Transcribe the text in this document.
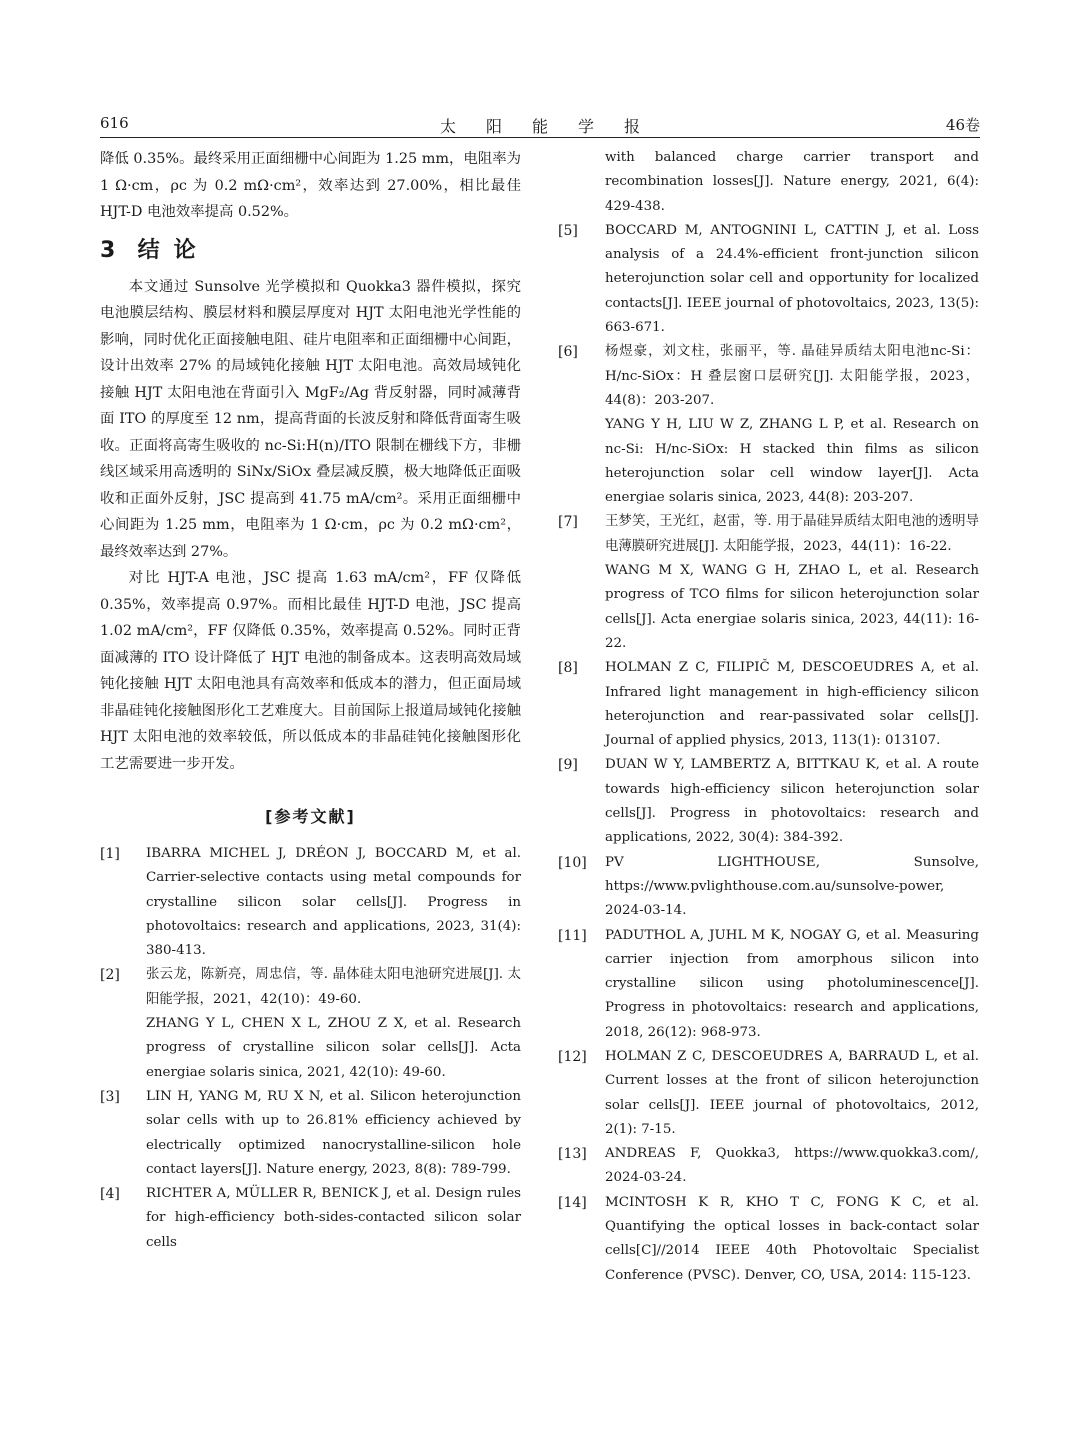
616	太阳能学报	46卷

降低 0.35%。最终采用正面细栅中心间距为 1.25 mm，电阻率为 1 Ω·cm，ρc 为 0.2 mΩ·cm²，效率达到 27.00%，相比最佳 HJT-D 电池效率提高 0.52%。

3 结论

本文通过 Sunsolve 光学模拟和 Quokka3 器件模拟，探究电池膜层结构、膜层材料和膜层厚度对 HJT 太阳电池光学性能的影响，同时优化正面接触电阻、硅片电阻率和正面细栅中心间距，设计出效率 27% 的局域钝化接触 HJT 太阳电池。高效局域钝化接触 HJT 太阳电池在背面引入 MgF₂/Ag 背反射器，同时减薄背面 ITO 的厚度至 12 nm，提高背面的长波反射和降低背面寄生吸收。正面将高寄生吸收的 nc-Si:H(n)/ITO 限制在栅线下方，非栅线区域采用高透明的 SiNx/SiOx 叠层减反膜，极大地降低正面吸收和正面外反射，JSC 提高到 41.75 mA/cm²。采用正面细栅中心间距为 1.25 mm，电阻率为 1 Ω·cm，ρc 为 0.2 mΩ·cm²，最终效率达到 27%。

对比 HJT-A 电池，JSC 提高 1.63 mA/cm²，FF 仅降低 0.35%，效率提高 0.97%。而相比最佳 HJT-D 电池，JSC 提高 1.02 mA/cm²，FF 仅降低 0.35%，效率提高 0.52%。同时正背面减薄的 ITO 设计降低了 HJT 电池的制备成本。这表明高效局域钝化接触 HJT 太阳电池具有高效率和低成本的潜力，但正面局域非晶硅钝化接触图形化工艺难度大。目前国际上报道局域钝化接触 HJT 太阳电池的效率较低，所以低成本的非晶硅钝化接触图形化工艺需要进一步开发。

[参考文献]
[1]	IBARRA MICHEL J, DRÉON J, BOCCARD M, et al. Carrier-selective contacts using metal compounds for crystalline silicon solar cells[J]. Progress in photovoltaics: research and applications, 2023, 31(4): 380-413.
[2]	张云龙，陈新亮，周忠信，等. 晶体硅太阳电池研究进展[J]. 太阳能学报，2021，42(10)：49-60.
ZHANG Y L, CHEN X L, ZHOU Z X, et al. Research progress of crystalline silicon solar cells[J]. Acta energiae solaris sinica, 2021, 42(10): 49-60.
[3]	LIN H, YANG M, RU X N, et al. Silicon heterojunction solar cells with up to 26.81% efficiency achieved by electrically optimized nanocrystalline-silicon hole contact layers[J]. Nature energy, 2023, 8(8): 789-799.
[4]	RICHTER A, MÜLLER R, BENICK J, et al. Design rules for high-efficiency both-sides-contacted silicon solar cells
with balanced charge carrier transport and recombination losses[J]. Nature energy, 2021, 6(4): 429-438.
[5]	BOCCARD M, ANTOGNINI L, CATTIN J, et al. Loss analysis of a 24.4%-efficient front-junction silicon heterojunction solar cell and opportunity for localized contacts[J]. IEEE journal of photovoltaics, 2023, 13(5): 663-671.
[6]	杨煜豪，刘文柱，张丽平，等. 晶硅异质结太阳电池nc-Si：H/nc-SiOx：H 叠层窗口层研究[J]. 太阳能学报，2023，44(8)：203-207.
YANG Y H, LIU W Z, ZHANG L P, et al. Research on nc-Si: H/nc-SiOx: H stacked thin films as silicon heterojunction solar cell window layer[J]. Acta energiae solaris sinica, 2023, 44(8): 203-207.
[7]	王梦笑，王光红，赵雷，等. 用于晶硅异质结太阳电池的透明导电薄膜研究进展[J]. 太阳能学报，2023，44(11)：16-22.
WANG M X, WANG G H, ZHAO L, et al. Research progress of TCO films for silicon heterojunction solar cells[J]. Acta energiae solaris sinica, 2023, 44(11): 16-22.
[8]	HOLMAN Z C, FILIPIČ M, DESCOEUDRES A, et al. Infrared light management in high-efficiency silicon heterojunction and rear-passivated solar cells[J]. Journal of applied physics, 2013, 113(1): 013107.
[9]	DUAN W Y, LAMBERTZ A, BITTKAU K, et al. A route towards high-efficiency silicon heterojunction solar cells[J]. Progress in photovoltaics: research and applications, 2022, 30(4): 384-392.
[10]	PV LIGHTHOUSE, Sunsolve, https://www.pvlighthouse.com.au/sunsolve-power, 2024-03-14.
[11]	PADUTHOL A, JUHL M K, NOGAY G, et al. Measuring carrier injection from amorphous silicon into crystalline silicon using photoluminescence[J]. Progress in photovoltaics: research and applications, 2018, 26(12): 968-973.
[12]	HOLMAN Z C, DESCOEUDRES A, BARRAUD L, et al. Current losses at the front of silicon heterojunction solar cells[J]. IEEE journal of photovoltaics, 2012, 2(1): 7-15.
[13]	ANDREAS F, Quokka3, https://www.quokka3.com/, 2024-03-24.
[14]	MCINTOSH K R, KHO T C, FONG K C, et al. Quantifying the optical losses in back-contact solar cells[C]//2014 IEEE 40th Photovoltaic Specialist Conference (PVSC). Denver, CO, USA, 2014: 115-123.
